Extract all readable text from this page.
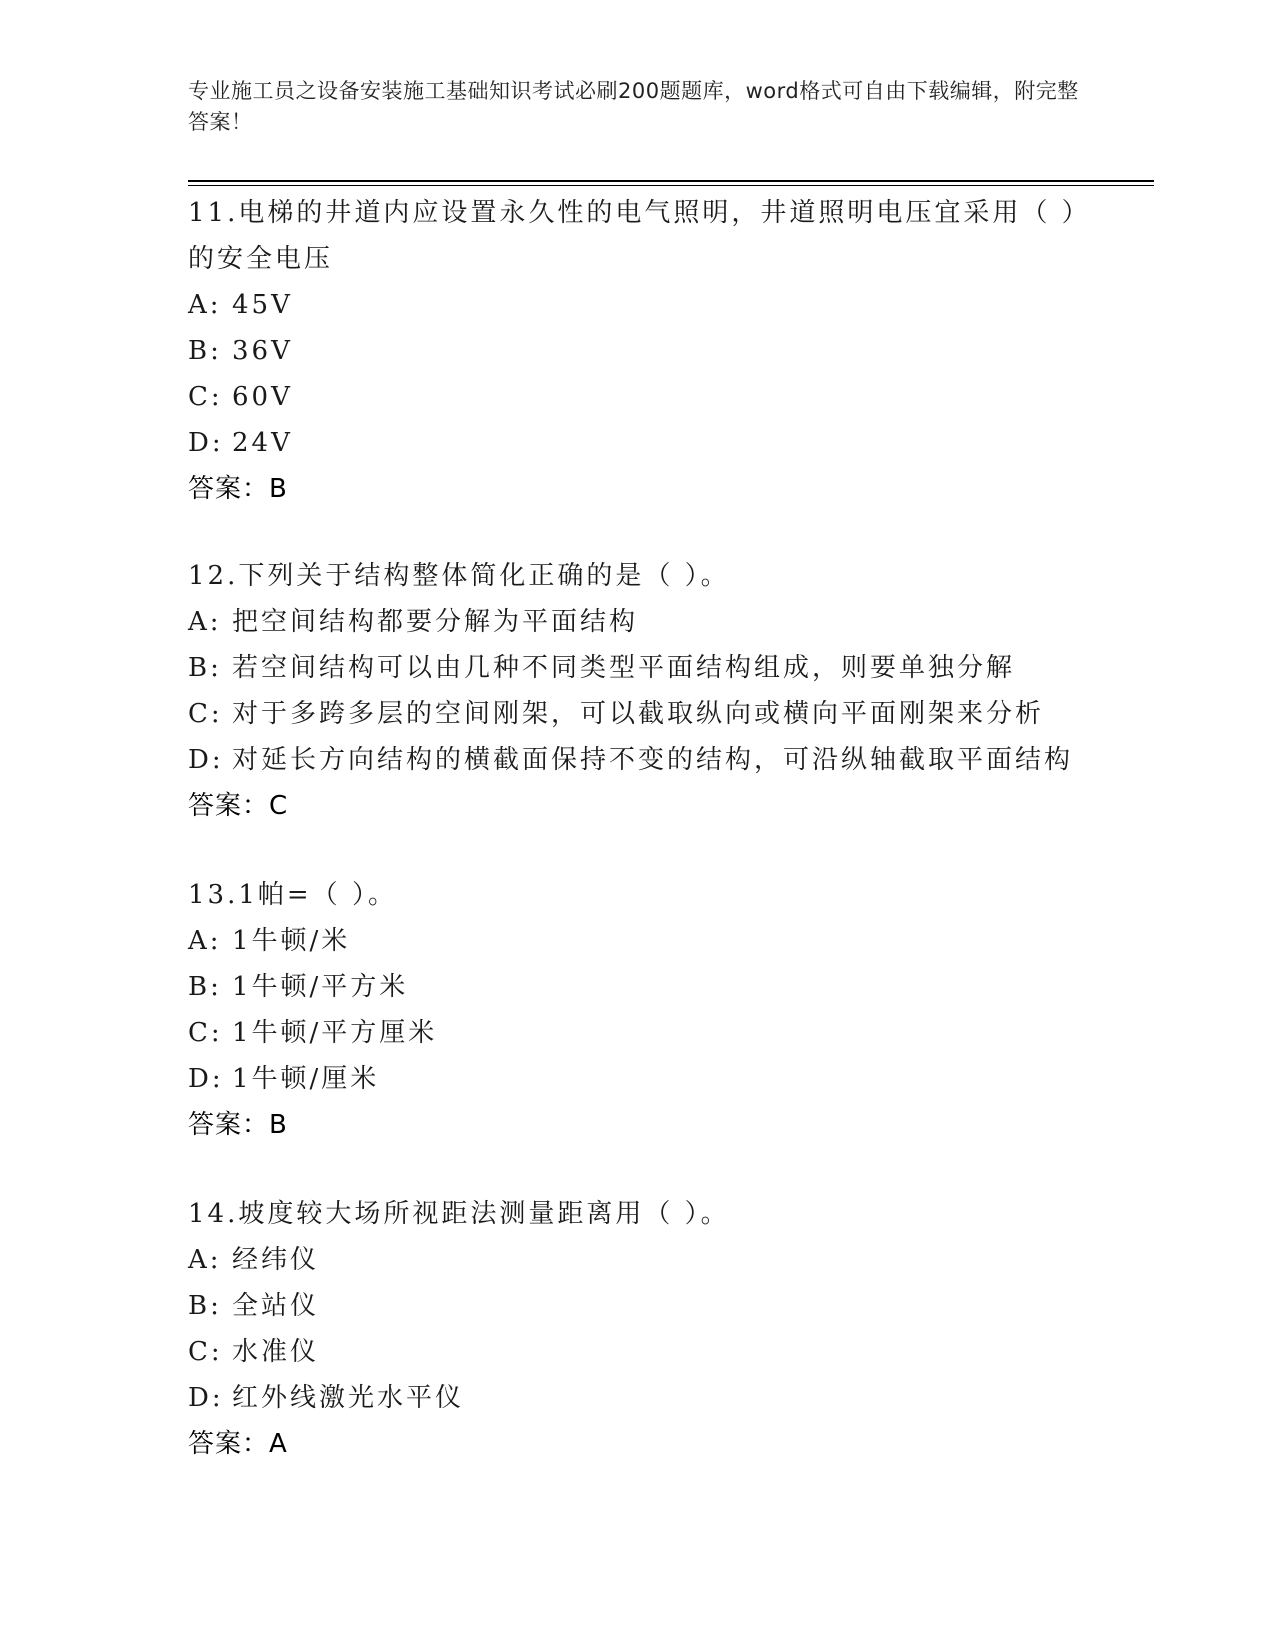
专业施工员之设备安装施工基础知识考试必刷200题题库，word格式可自由下载编辑，附完整答案！

11.电梯的井道内应设置永久性的电气照明，井道照明电压宜采用（ ）的安全电压

A: 45V

B: 36V

C: 60V

D: 24V

答案：B

12.下列关于结构整体简化正确的是（ ）。

A: 把空间结构都要分解为平面结构

B: 若空间结构可以由几种不同类型平面结构组成，则要单独分解

C: 对于多跨多层的空间刚架，可以截取纵向或横向平面刚架来分析

D: 对延长方向结构的横截面保持不变的结构，可沿纵轴截取平面结构

答案：C

13.1帕=（ ）。

A: 1牛顿/米

B: 1牛顿/平方米

C: 1牛顿/平方厘米

D: 1牛顿/厘米

答案：B

14.坡度较大场所视距法测量距离用（ ）。

A: 经纬仪

B: 全站仪

C: 水准仪

D: 红外线激光水平仪

答案：A
